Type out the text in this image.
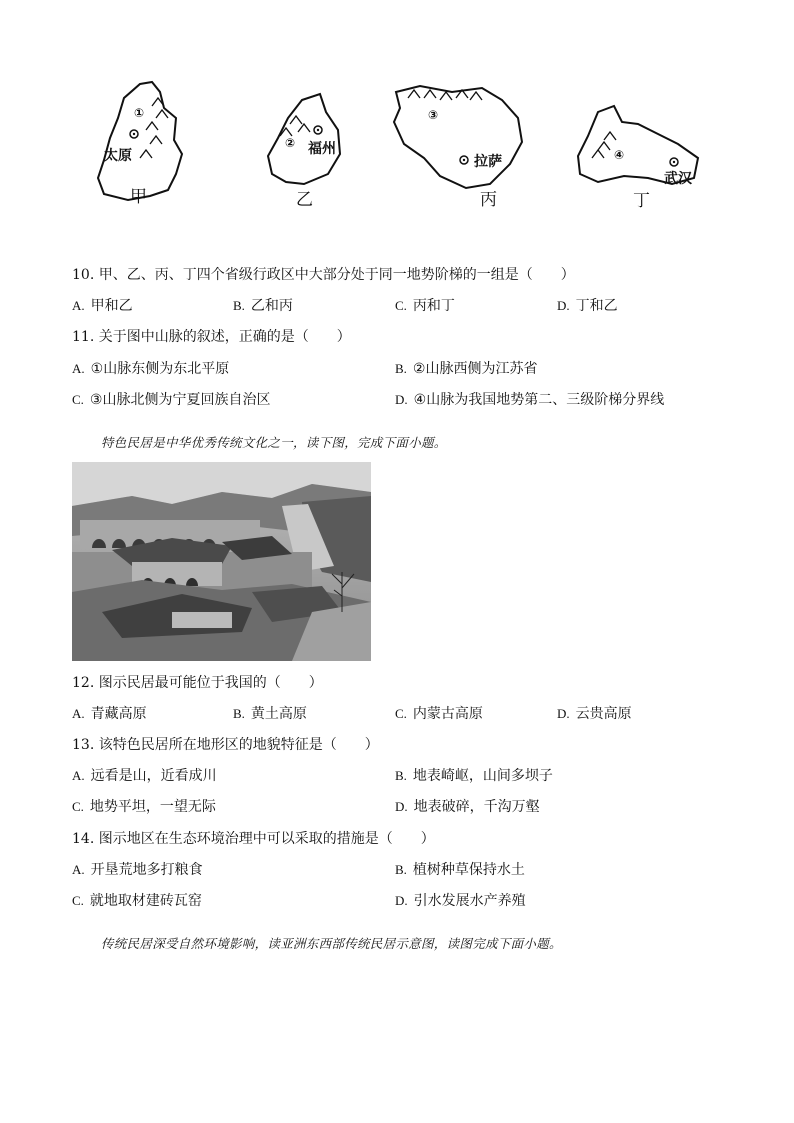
①
太原
甲
② 福州
乙
③
拉萨
丙
④
武汉
丁
10. 甲、乙、丙、丁四个省级行政区中大部分处于同一地势阶梯的一组是（　　）
A. 甲和乙	B. 乙和丙	C. 丙和丁	D. 丁和乙
11. 关于图中山脉的叙述，正确的是（　　）
A. ①山脉东侧为东北平原	B. ②山脉西侧为江苏省
C. ③山脉北侧为宁夏回族自治区	D. ④山脉为我国地势第二、三级阶梯分界线
特色民居是中华优秀传统文化之一，读下图，完成下面小题。
12. 图示民居最可能位于我国的（　　）
A. 青藏高原	B. 黄土高原	C. 内蒙古高原	D. 云贵高原
13. 该特色民居所在地形区的地貌特征是（　　）
A. 远看是山，近看成川	B. 地表崎岖，山间多坝子
C. 地势平坦，一望无际	D. 地表破碎，千沟万壑
14. 图示地区在生态环境治理中可以采取的措施是（　　）
A. 开垦荒地多打粮食	B. 植树种草保持水土
C. 就地取材建砖瓦窑	D. 引水发展水产养殖
传统民居深受自然环境影响，读亚洲东西部传统民居示意图，读图完成下面小题。
